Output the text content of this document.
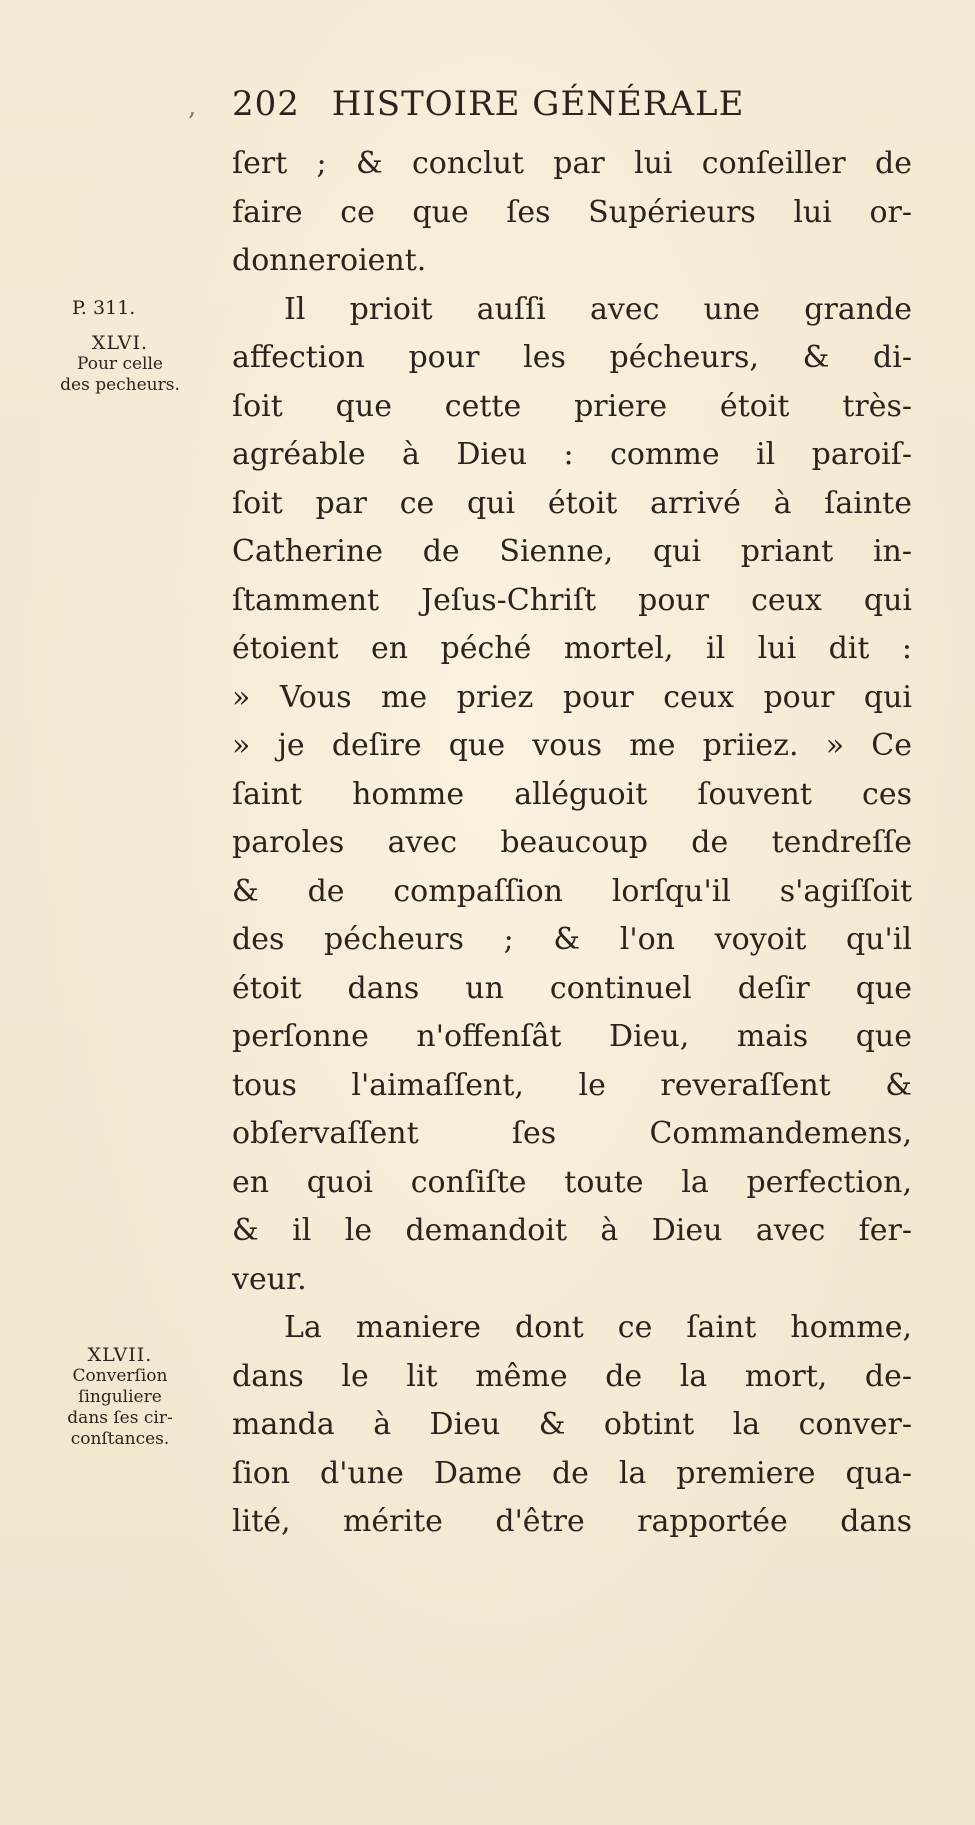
, 202 HISTOIRE GÉNÉRALE
P. 311.
XLVI.
Pour celle
des pecheurs.
XLVII.
Converſion
ſinguliere
dans ſes cir-
conſtances.
ſert ; & conclut par lui conſeiller de
faire ce que ſes Supérieurs lui or-
donneroient.
Il prioit auſſi avec une grande
affection pour les pécheurs, & di-
ſoit que cette priere étoit très-
agréable à Dieu : comme il paroiſ-
ſoit par ce qui étoit arrivé à ſainte
Catherine de Sienne, qui priant in-
ſtamment Jeſus-Chriſt pour ceux qui
étoient en péché mortel, il lui dit :
» Vous me priez pour ceux pour qui
» je deſire que vous me priiez. » Ce
ſaint homme alléguoit ſouvent ces
paroles avec beaucoup de tendreſſe
& de compaſſion lorſqu'il s'agiſſoit
des pécheurs ; & l'on voyoit qu'il
étoit dans un continuel deſir que
perſonne n'offenſât Dieu, mais que
tous l'aimaſſent, le reveraſſent &
obſervaſſent ſes Commandemens,
en quoi conſiſte toute la perfection,
& il le demandoit à Dieu avec fer-
veur.
La maniere dont ce ſaint homme,
dans le lit même de la mort, de-
manda à Dieu & obtint la conver-
ſion d'une Dame de la premiere qua-
lité, mérite d'être rapportée dans
